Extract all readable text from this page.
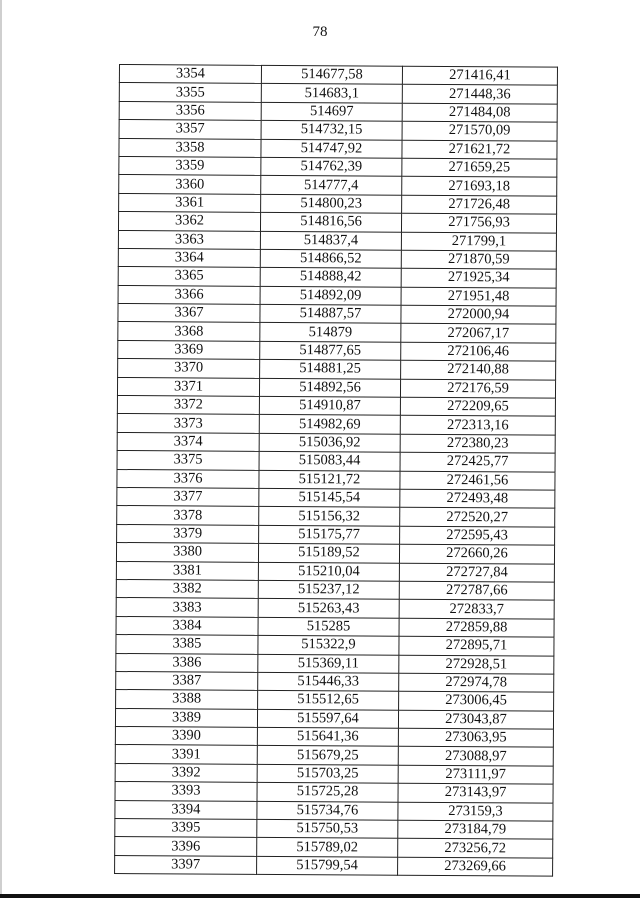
78
3354	514677,58	271416,41
3355	514683,1	271448,36
3356	514697	271484,08
3357	514732,15	271570,09
3358	514747,92	271621,72
3359	514762,39	271659,25
3360	514777,4	271693,18
3361	514800,23	271726,48
3362	514816,56	271756,93
3363	514837,4	271799,1
3364	514866,52	271870,59
3365	514888,42	271925,34
3366	514892,09	271951,48
3367	514887,57	272000,94
3368	514879	272067,17
3369	514877,65	272106,46
3370	514881,25	272140,88
3371	514892,56	272176,59
3372	514910,87	272209,65
3373	514982,69	272313,16
3374	515036,92	272380,23
3375	515083,44	272425,77
3376	515121,72	272461,56
3377	515145,54	272493,48
3378	515156,32	272520,27
3379	515175,77	272595,43
3380	515189,52	272660,26
3381	515210,04	272727,84
3382	515237,12	272787,66
3383	515263,43	272833,7
3384	515285	272859,88
3385	515322,9	272895,71
3386	515369,11	272928,51
3387	515446,33	272974,78
3388	515512,65	273006,45
3389	515597,64	273043,87
3390	515641,36	273063,95
3391	515679,25	273088,97
3392	515703,25	273111,97
3393	515725,28	273143,97
3394	515734,76	273159,3
3395	515750,53	273184,79
3396	515789,02	273256,72
3397	515799,54	273269,66
